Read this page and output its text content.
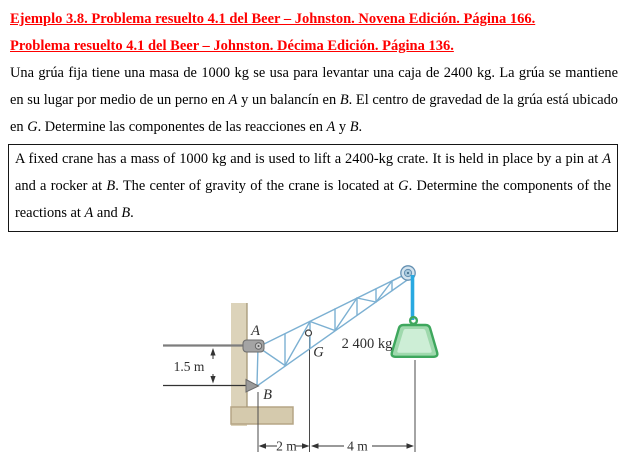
Ejemplo 3.8. Problema resuelto 4.1 del Beer – Johnston. Novena Edición. Página 166.
Problema resuelto 4.1 del Beer – Johnston. Décima Edición. Página 136.

Una grúa fija tiene una masa de 1000 kg se usa para levantar una caja de 2400 kg. La grúa se mantiene en su lugar por medio de un perno en A y un balancín en B. El centro de gravedad de la grúa está ubicado en G. Determine las componentes de las reacciones en A y B.

A fixed crane has a mass of 1000 kg and is used to lift a 2400-kg crate. It is held in place by a pin at A and a rocker at B. The center of gravity of the crane is located at G. Determine the components of the reactions at A and B.

2 m	4 m
1.5 m
A
B
G
2 400 kg
